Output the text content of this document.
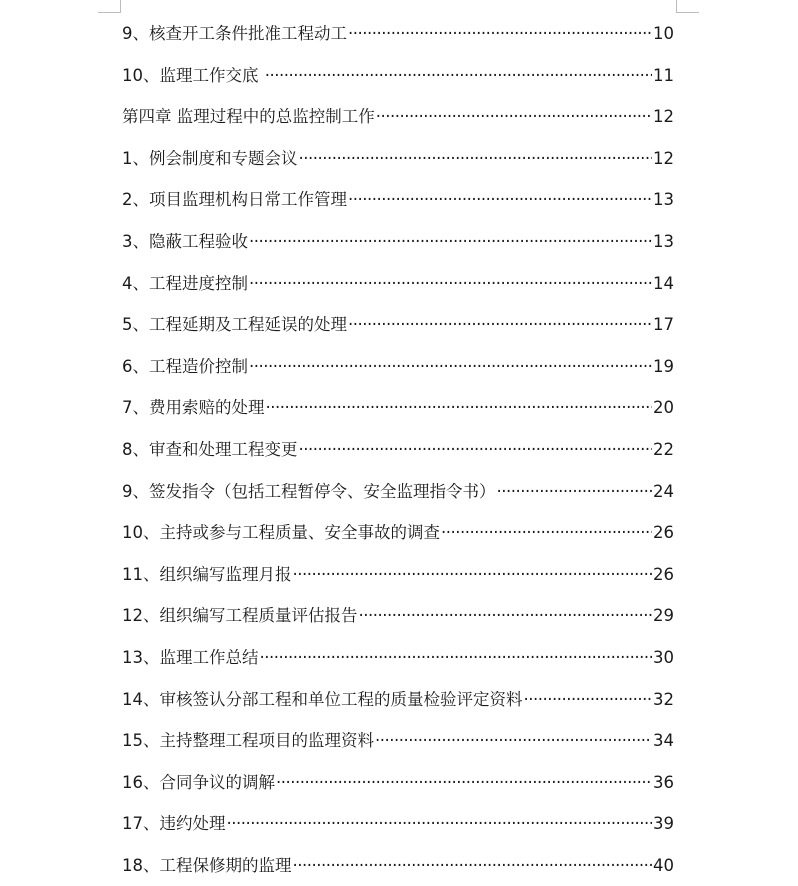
9、核查开工条件批准工程动工 ·····	10
10、监理工作交底 ·····	11
第四章 监理过程中的总监控制工作 ·····	12
1、例会制度和专题会议 ·····	12
2、项目监理机构日常工作管理 ·····	13
3、隐蔽工程验收 ·····	13
4、工程进度控制 ·····	14
5、工程延期及工程延误的处理 ·····	17
6、工程造价控制 ·····	19
7、费用索赔的处理 ·····	20
8、审查和处理工程变更 ·····	22
9、签发指令（包括工程暂停令、安全监理指令书） ·····	24
10、主持或参与工程质量、安全事故的调查 ·····	26
11、组织编写监理月报 ·····	26
12、组织编写工程质量评估报告 ·····	29
13、监理工作总结 ·····	30
14、审核签认分部工程和单位工程的质量检验评定资料 ·····	32
15、主持整理工程项目的监理资料 ·····	34
16、合同争议的调解 ·····	36
17、违约处理 ·····	39
18、工程保修期的监理 ·····	40
